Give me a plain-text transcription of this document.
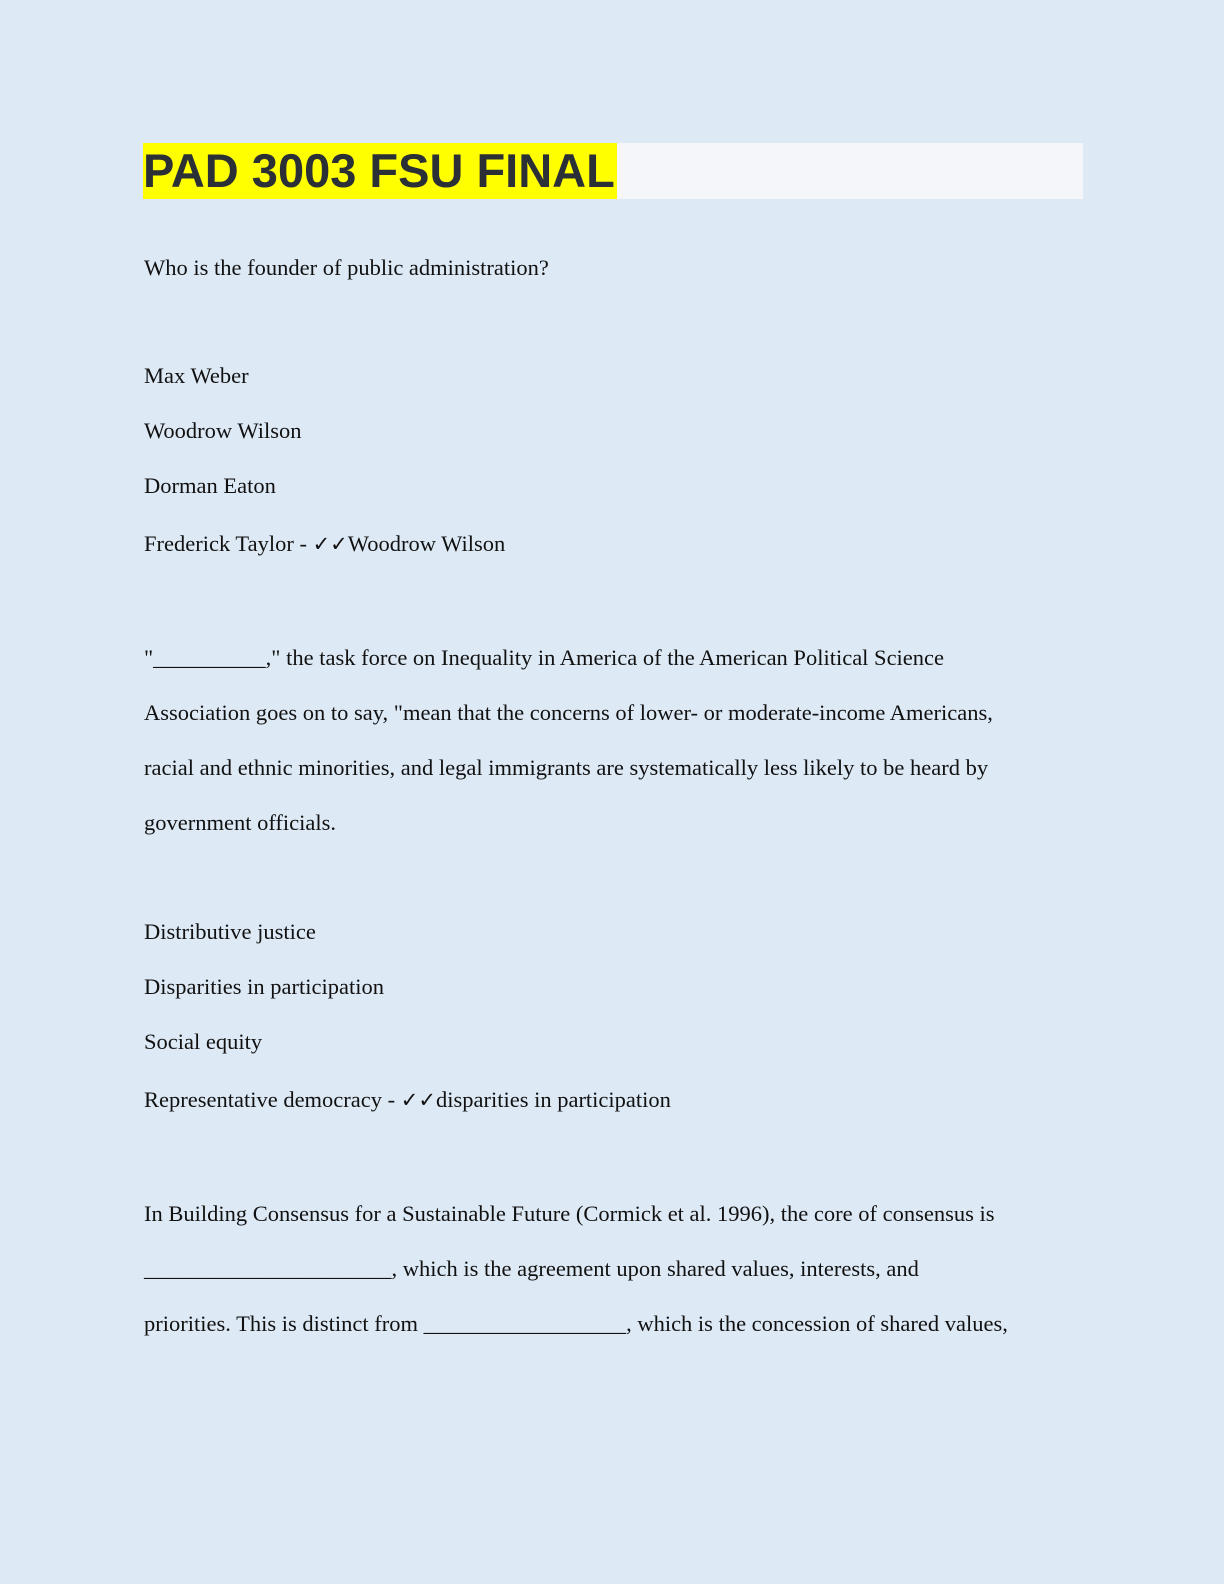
PAD 3003 FSU FINAL
Who is the founder of public administration?
Max Weber
Woodrow Wilson
Dorman Eaton
Frederick Taylor - ✓✓Woodrow Wilson
"__________," the task force on Inequality in America of the American Political Science
Association goes on to say, "mean that the concerns of lower- or moderate-income Americans,
racial and ethnic minorities, and legal immigrants are systematically less likely to be heard by
government officials.
Distributive justice
Disparities in participation
Social equity
Representative democracy - ✓✓disparities in participation
In Building Consensus for a Sustainable Future (Cormick et al. 1996), the core of consensus is
______________________, which is the agreement upon shared values, interests, and
priorities. This is distinct from __________________, which is the concession of shared values,
